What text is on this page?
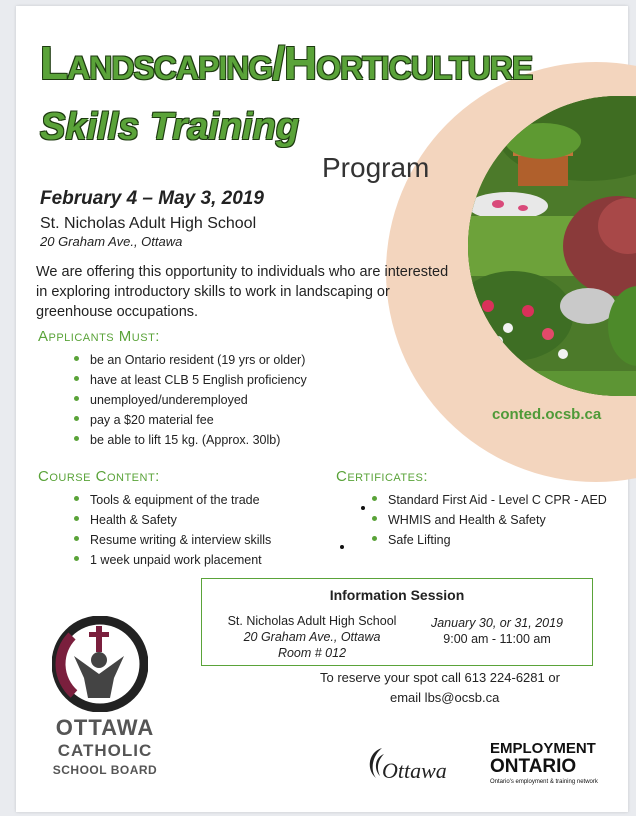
Landscaping/Horticulture
Skills Training
Program
February 4 – May 3, 2019
St. Nicholas Adult High School
20 Graham Ave., Ottawa
We are offering this opportunity to individuals who are interested in exploring introductory skills to work in landscaping or greenhouse occupations.
Applicants Must:
be an Ontario resident (19 yrs or older)
have at least CLB 5 English proficiency
unemployed/underemployed
pay a $20 material fee
be able to lift 15 kg. (Approx. 30lb)
conted.ocsb.ca
Course Content:
Tools & equipment of the trade
Health & Safety
Resume writing & interview skills
1 week unpaid work placement
Certificates:
Standard First Aid - Level C CPR - AED
WHMIS and Health & Safety
Safe Lifting
Information Session
St. Nicholas Adult High School
20 Graham Ave., Ottawa
Room # 012
January 30, or 31, 2019
9:00 am - 11:00 am
To reserve your spot call 613 224-6281 or
email lbs@ocsb.ca
OTTAWA
CATHOLIC
SCHOOL BOARD	Ottawa
EMPLOYMENT
ONTARIO
Ontario's employment & training network
